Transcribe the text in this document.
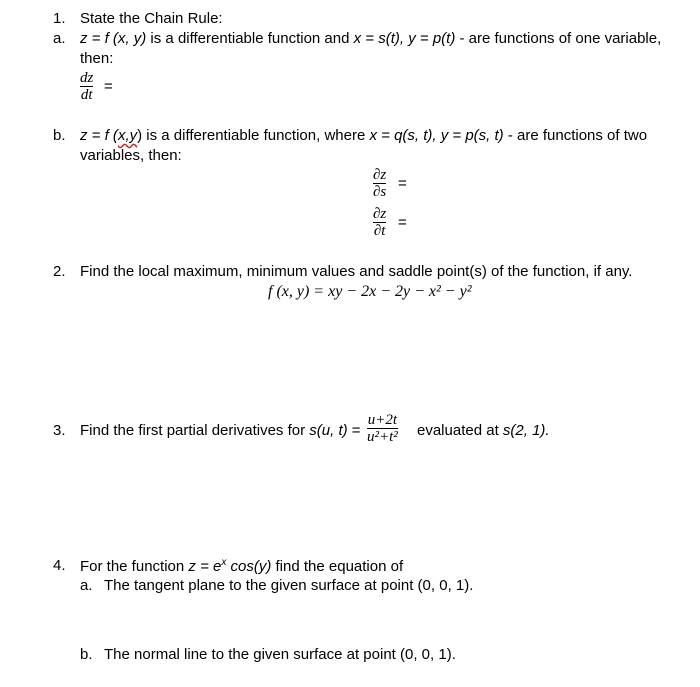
1. State the Chain Rule:
a. z = f (x, y) is a differentiable function and x = s(t), y = p(t) - are functions of one variable,
then:
dz
dt =
b. z = f (x,y) is a differentiable function, where x = q(s, t), y = p(s, t) - are functions of two
variables, then:
∂z
∂s =
∂z
∂t =
2. Find the local maximum, minimum values and saddle point(s) of the function, if any.
f (x, y) = xy − 2x − 2y − x² − y²
3. Find the first partial derivatives for s(u, t) =
u+2t
u²+t² evaluated at s(2, 1).
4. For the function $z = e^x$ cos(y) find the equation of
a. The tangent plane to the given surface at point (0, 0, 1).
b. The normal line to the given surface at point (0, 0, 1).
